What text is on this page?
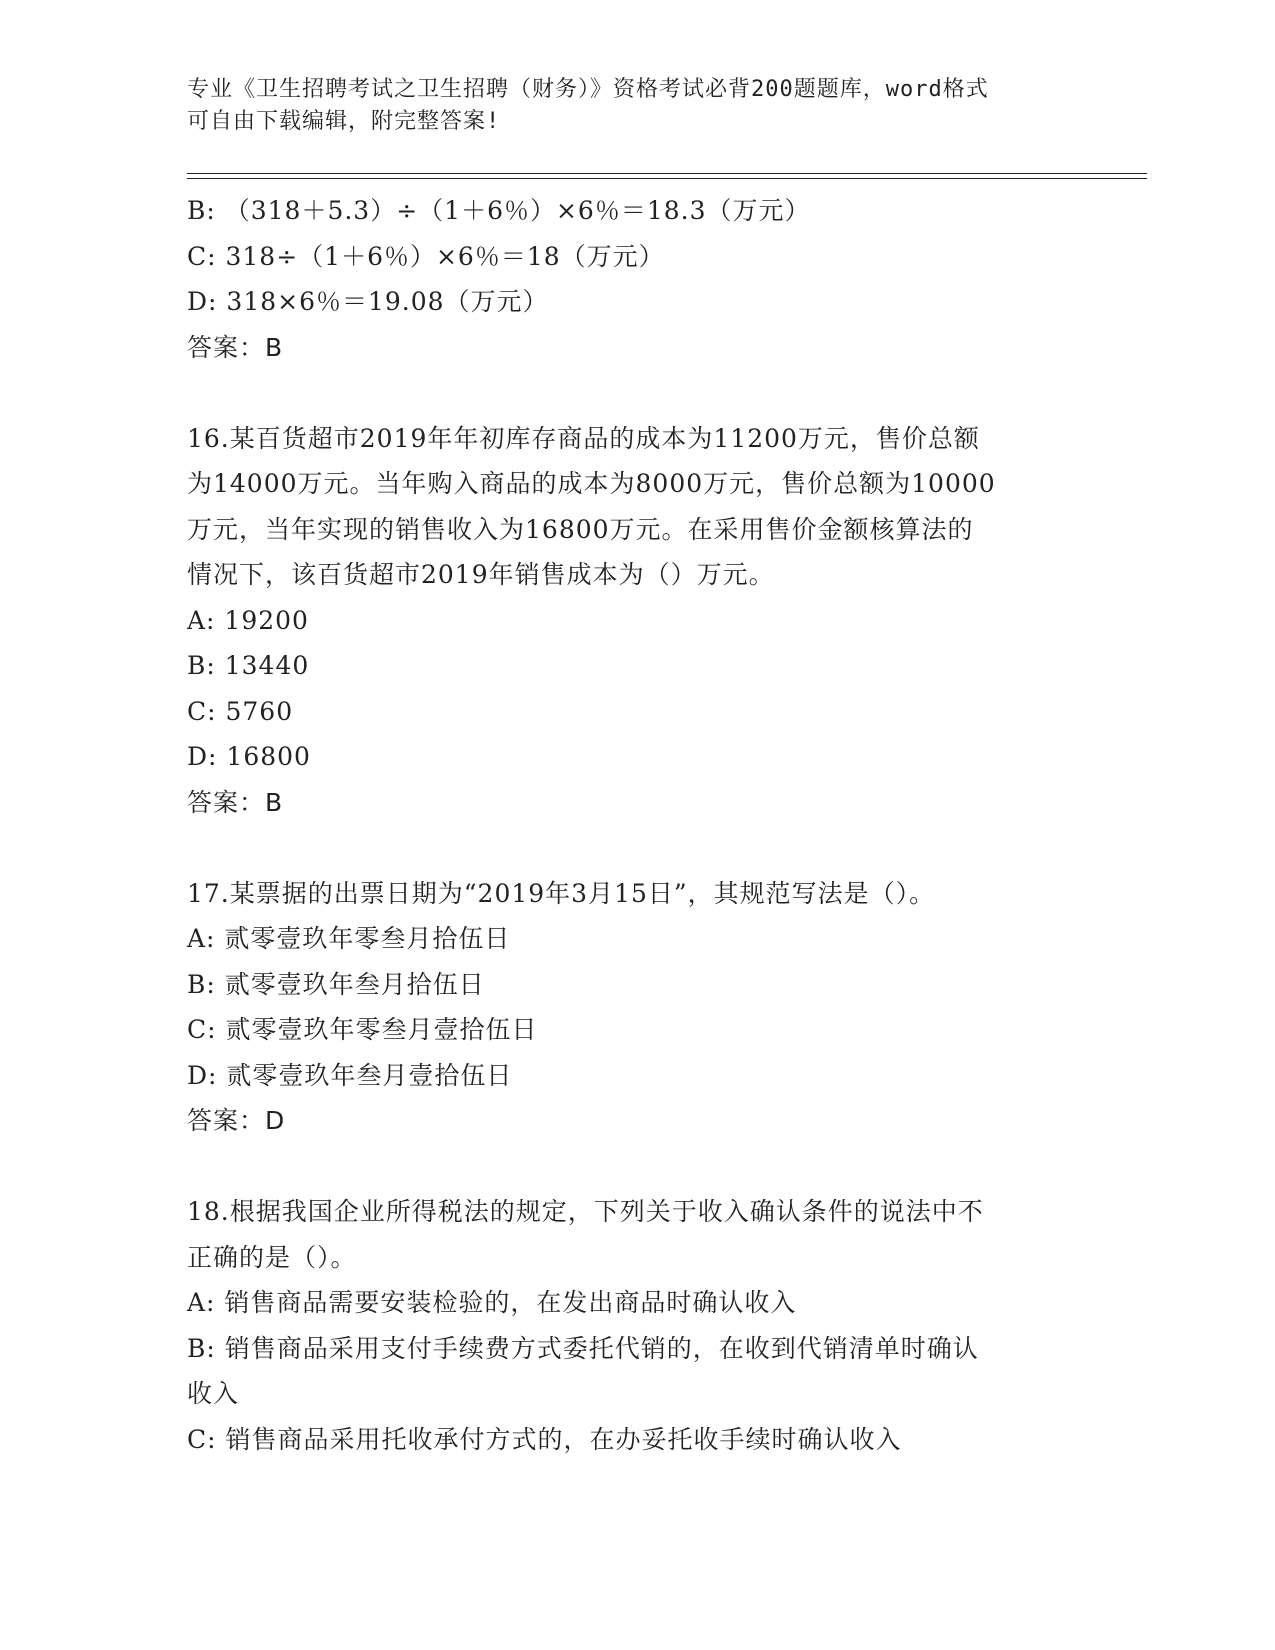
专业《卫生招聘考试之卫生招聘（财务）》资格考试必背200题题库，word格式
可自由下载编辑，附完整答案!
B: （318＋5.3）÷（1＋6％）×6％＝18.3（万元）
C: 318÷（1＋6％）×6％＝18（万元）
D: 318×6％＝19.08（万元）
答案：B
16.某百货超市2019年年初库存商品的成本为11200万元，售价总额
为14000万元。当年购入商品的成本为8000万元，售价总额为10000
万元，当年实现的销售收入为16800万元。在采用售价金额核算法的
情况下，该百货超市2019年销售成本为（）万元。
A: 19200
B: 13440
C: 5760
D: 16800
答案：B
17.某票据的出票日期为“2019年3月15日”，其规范写法是（）。
A: 贰零壹玖年零叁月拾伍日
B: 贰零壹玖年叁月拾伍日
C: 贰零壹玖年零叁月壹拾伍日
D: 贰零壹玖年叁月壹拾伍日
答案：D
18.根据我国企业所得税法的规定，下列关于收入确认条件的说法中不
正确的是（）。
A: 销售商品需要安装检验的，在发出商品时确认收入
B: 销售商品采用支付手续费方式委托代销的，在收到代销清单时确认
收入
C: 销售商品采用托收承付方式的，在办妥托收手续时确认收入
